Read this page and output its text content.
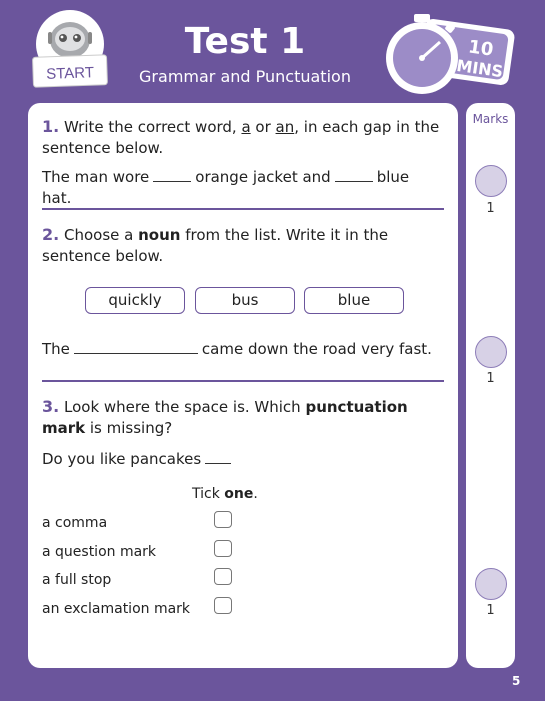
START
Test 1
Grammar and Punctuation
10
MINS
Marks
1
1
1
1. Write the correct word, a or an, in each gap in the sentence below.
The man wore	orange jacket and	blue hat.
2. Choose a noun from the list. Write it in the sentence below.
quickly	bus	blue
The	came down the road very fast.
3. Look where the space is. Which punctuation mark is missing?
Do you like pancakes
Tick one.
a comma
a question mark
a full stop
an exclamation mark
5
